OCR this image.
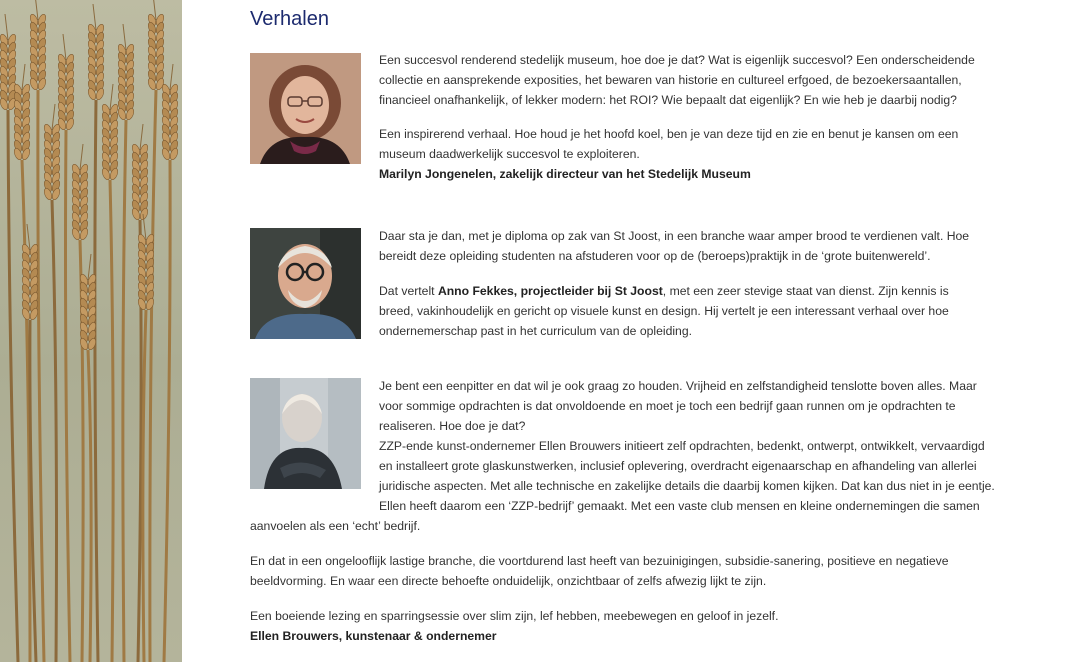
Verhalen

Een succesvol renderend stedelijk museum, hoe doe je dat? Wat is eigenlijk succesvol? Een onderscheidende collectie en aansprekende exposities, het bewaren van historie en cultureel erfgoed, de bezoekersaantallen, financieel onafhankelijk, of lekker modern: het ROI? Wie bepaalt dat eigenlijk? En wie heb je daarbij nodig?

Een inspirerend verhaal. Hoe houd je het hoofd koel, ben je van deze tijd en zie en benut je kansen om een museum daadwerkelijk succesvol te exploiteren.

Marilyn Jongenelen, zakelijk directeur van het Stedelijk Museum

Daar sta je dan, met je diploma op zak van St Joost, in een branche waar amper brood te verdienen valt. Hoe bereidt deze opleiding studenten na afstuderen voor op de (beroeps)praktijk in de ‘grote buitenwereld’.

Dat vertelt Anno Fekkes, projectleider bij St Joost, met een zeer stevige staat van dienst. Zijn kennis is breed, vakinhoudelijk en gericht op visuele kunst en design. Hij vertelt je een interessant verhaal over hoe ondernemerschap past in het curriculum van de opleiding.

Je bent een eenpitter en dat wil je ook graag zo houden. Vrijheid en zelfstandigheid tenslotte boven alles. Maar voor sommige opdrachten is dat onvoldoende en moet je toch een bedrijf gaan runnen om je opdrachten te realiseren. Hoe doe je dat?

ZZP-ende kunst-ondernemer Ellen Brouwers initieert zelf opdrachten, bedenkt, ontwerpt, ontwikkelt, vervaardigd en installeert grote glaskunstwerken, inclusief oplevering, overdracht eigenaarschap en afhandeling van allerlei juridische aspecten. Met alle technische en zakelijke details die daarbij komen kijken. Dat kan dus niet in je eentje. Ellen heeft daarom een ‘ZZP-bedrijf’ gemaakt. Met een vaste club mensen en kleine ondernemingen die samen

aanvoelen als een ‘echt’ bedrijf.

En dat in een ongelooflijk lastige branche, die voortdurend last heeft van bezuinigingen, subsidie-sanering, positieve en negatieve beeldvorming. En waar een directe behoefte onduidelijk, onzichtbaar of zelfs afwezig lijkt te zijn.

Een boeiende lezing en sparringsessie over slim zijn, lef hebben, meebewegen en geloof in jezelf.

Ellen Brouwers, kunstenaar & ondernemer
